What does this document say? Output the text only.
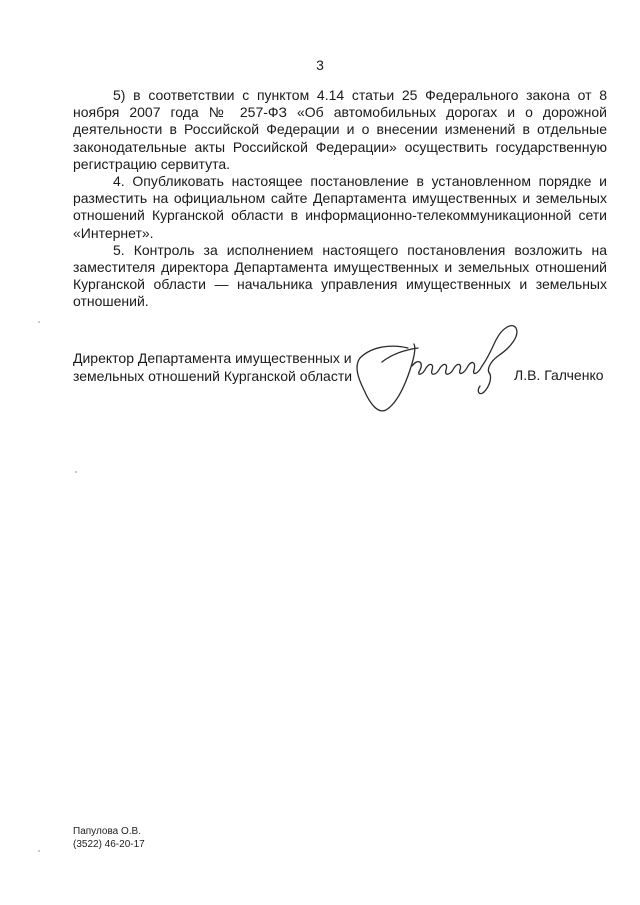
3

5) в соответствии с пунктом 4.14 статьи 25 Федерального закона от 8 ноября 2007 года № 257-ФЗ «Об автомобильных дорогах и о дорожной деятельности в Российской Федерации и о внесении изменений в отдельные законодательные акты Российской Федерации» осуществить государственную регистрацию сервитута.

4. Опубликовать настоящее постановление в установленном порядке и разместить на официальном сайте Департамента имущественных и земельных отношений Курганской области в информационно-телекоммуникационной сети «Интернет».

5. Контроль за исполнением настоящего постановления возложить на заместителя директора Департамента имущественных и земельных отношений Курганской области — начальника управления имущественных и земельных отношений.

Директор Департамента имущественных и
земельных отношений Курганской области	Л.В. Галченко
Папулова О.В.
(3522) 46-20-17
